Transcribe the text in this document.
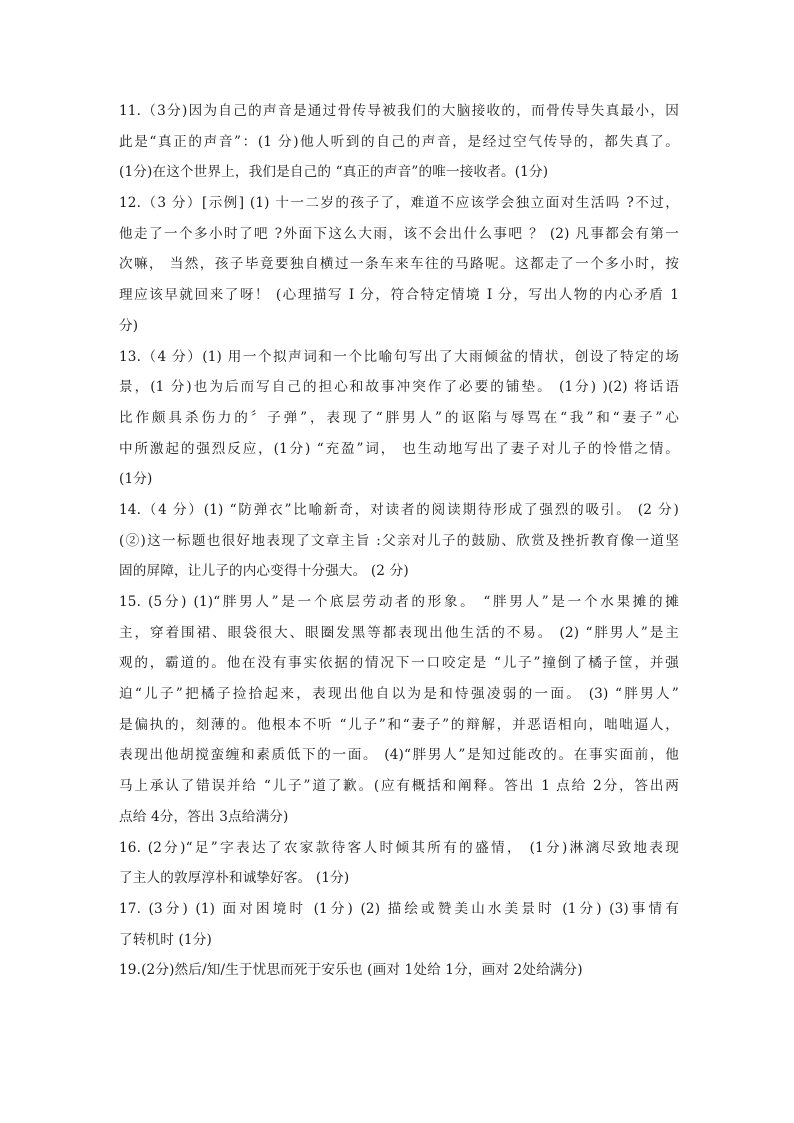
11.（3分)因为自己的声音是通过骨传导被我们的大脑接收的，而骨传导失真最小，因
此是“真正的声音”：(1 分)他人听到的自己的声音，是经过空气传导的，都失真了。
(1分)在这个世界上，我们是自己的 “真正的声音”的唯一接收者。(1分)
12.（3 分）[示例] (1) 十一二岁的孩子了，难道不应该学会独立面对生活吗 ?不过，
他走了一个多小时了吧 ?外面下这么大雨，该不会出什么事吧 ？ (2) 凡事都会有第一
次嘛， 当然，孩子毕竟要独自横过一条车来车往的马路呢。这都走了一个多小时，按
理应该早就回来了呀！ (心理描写 I 分，符合特定情境 I 分，写出人物的内心矛盾 1
分)
13.（4 分）(1) 用一个拟声词和一个比喻句写出了大雨倾盆的情状，创设了特定的场
景，(1 分)也为后而写自己的担心和故事冲突作了必要的铺垫。 (1分) )(2) 将话语
比作颇具杀伤力的〞子弹”，表现了“胖男人”的讴陷与辱骂在“我”和“妻子”心
中所激起的强烈反应，(1分) “充盈”词， 也生动地写出了妻子对儿子的怜惜之情。
(1分)
14.（4 分）(1) “防弹衣”比喻新奇，对读者的阅读期待形成了强烈的吸引。 (2 分)
(②)这一标题也很好地表现了文章主旨 :父亲对儿子的鼓励、欣赏及挫折教育像一道坚
固的屏障，让儿子的内心变得十分强大。 (2 分)
15. (5分) (1)“胖男人”是一个底层劳动者的形象。 “胖男人”是一个水果摊的摊
主，穿着围裙、眼袋很大、眼圈发黑等都表现出他生活的不易。 (2) “胖男人”是主
观的，霸道的。他在没有事实依据的情况下一口咬定是 “儿子”撞倒了橘子筐，并强
迫“儿子”把橘子捡拾起来，表现出他自以为是和恃强凌弱的一面。 (3) “胖男人”
是偏执的，刻薄的。他根本不听 “儿子”和“妻子”的辩解，并恶语相向，咄咄逼人，
表现出他胡搅蛮缠和素质低下的一面。 (4)“胖男人”是知过能改的。在事实面前，他
马上承认了错误并给 “儿子”道了歉。(应有概括和阐释。答出 1 点给 2分，答出两
点给 4分，答出 3点给满分)
16. (2分)“足”字表达了农家款待客人时倾其所有的盛情， (1分)淋漓尽致地表现
了主人的敦厚淳朴和诚挚好客。 (1分)
17. (3分) (1) 面对困境时 (1分) (2) 描绘或赞美山水美景时 (1分) (3)事情有
了转机时 (1分)
19.(2分)然后/知/生于忧思而死于安乐也 (画对 1处给 1分，画对 2处给满分)
